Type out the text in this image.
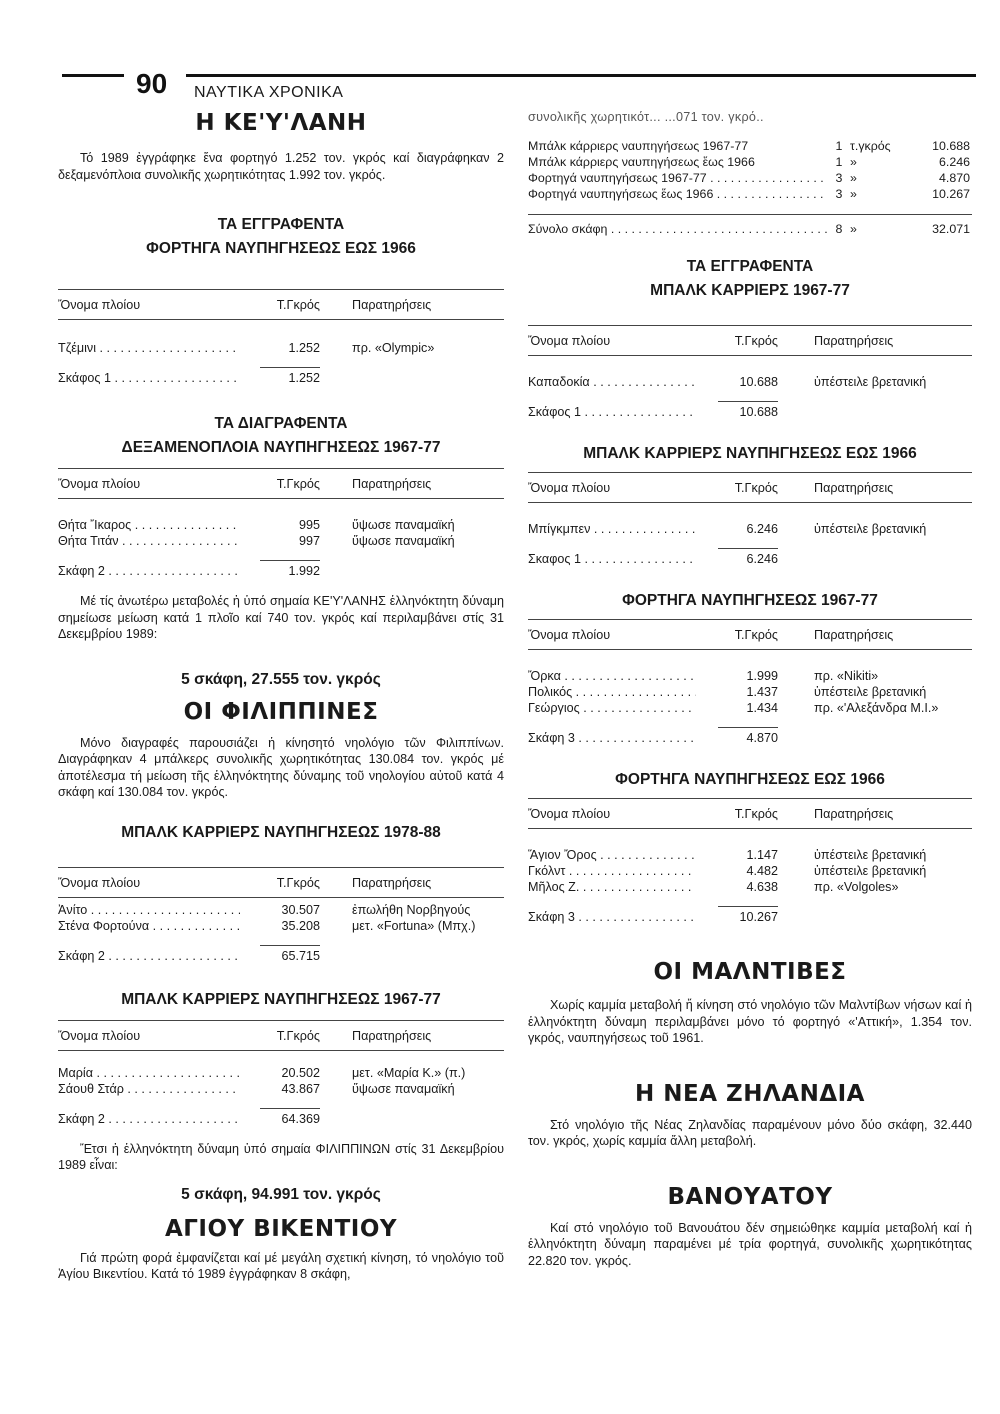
90 ΝΑΥΤΙΚΑ ΧΡΟΝΙΚΑ
Η ΚΕ'Υ'ΛΑΝΗ

Τό 1989 ἐγγράφηκε ἕνα φορτηγό 1.252 τον. γκρός καί διαγράφηκαν 2 δεξαμενόπλοια συνολικῆς χωρητικότητας 1.992 τον. γκρός.

ΤΑ ΕΓΓΡΑΦΕΝΤΑ
ΦΟΡΤΗΓΑ ΝΑΥΠΗΓΗΣΕΩΣ ΕΩΣ 1966
Ὄνομα πλοίου	Τ.Γκρός	Παρατηρήσεις
Τζέμινι . . .	1.252	πρ. «Olympic»
Σκάφος 1 . . .	1.252
ΤΑ ΔΙΑΓΡΑΦΕΝΤΑ
ΔΕΞΑΜΕΝΟΠΛΟΙΑ ΝΑΥΠΗΓΗΣΕΩΣ 1967-77
Ὄνομα πλοίου	Τ.Γκρός	Παρατηρήσεις
Θήτα Ἴκαρος . . .	995	ὕψωσε παναμαϊκή
Θήτα Τιτάν . . .	997	ὕψωσε παναμαϊκή
Σκάφη 2 . . .	1.992

Μέ τίς ἀνωτέρω μεταβολές ἡ ὑπό σημαία ΚΕ'Υ'ΛΑΝΗΣ ἑλληνόκτητη δύναμη σημείωσε μείωση κατά 1 πλοῖο καί 740 τον. γκρός καί περιλαμβάνει στίς 31 Δεκεμβρίου 1989:

5 σκάφη, 27.555 τον. γκρός

ΟΙ ΦΙΛΙΠΠΙΝΕΣ

Μόνο διαγραφές παρουσιάζει ἡ κίνησητό νηολόγιο τῶν Φιλιππίνων. Διαγράφηκαν 4 μπάλκερς συνολικῆς χωρητικότητας 130.084 τον. γκρός μέ ἀποτέλεσμα τή μείωση τῆς ἑλληνόκτητης δύναμης τοῦ νηολογίου αὐτοῦ κατά 4 σκάφη καί 130.084 τον. γκρός.

ΜΠΑΛΚ ΚΑΡΡΙΕΡΣ ΝΑΥΠΗΓΗΣΕΩΣ 1978-88
Ὄνομα πλοίου	Τ.Γκρός	Παρατηρήσεις
Ἀνίτο . . .	30.507	ἐπωλήθη Νορβηγούς
Στένα Φορτούνα . . .	35.208	μετ. «Fortuna» (Μπχ.)
Σκάφη 2 . . .	65.715
ΜΠΑΛΚ ΚΑΡΡΙΕΡΣ ΝΑΥΠΗΓΗΣΕΩΣ 1967-77
Ὄνομα πλοίου	Τ.Γκρός	Παρατηρήσεις
Μαρία . . .	20.502	μετ. «Μαρία Κ.» (π.)
Σάουθ Στάρ . . .	43.867	ὕψωσε παναμαϊκή
Σκάφη 2 . . .	64.369

Ἔτσι ἡ ἑλληνόκτητη δύναμη ὑπό σημαία ΦΙΛΙΠΠΙΝΩΝ στίς 31 Δεκεμβρίου 1989 εἶναι:

5 σκάφη, 94.991 τον. γκρός

ΑΓΙΟΥ ΒΙΚΕΝΤΙΟΥ

Γιά πρώτη φορά ἐμφανίζεται καί μέ μεγάλη σχετική κίνηση, τό νηολόγιο τοῦ Ἁγίου Βικεντίου. Κατά τό 1989 ἐγγράφηκαν 8 σκάφη,

συνολικῆς χωρητικότ... ...071 τον. γκρό..
Μπάλκ κάρριερς ναυπηγήσεως 1967-77	1 τ.γκρός	10.688
Μπάλκ κάρριερς ναυπηγήσεως ἕως 1966	1 »	6.246
Φορτηγά ναυπηγήσεως 1967-77 . . .	3 »	4.870
Φορτηγά ναυπηγήσεως ἕως 1966 . . .	3 »	10.267
Σύνολο σκάφη . . .	8 »	32.071
ΤΑ ΕΓΓΡΑΦΕΝΤΑ
ΜΠΑΛΚ ΚΑΡΡΙΕΡΣ 1967-77
Ὄνομα πλοίου	Τ.Γκρός	Παρατηρήσεις
Καπαδοκία . . .	10.688	ὑπέστειλε βρετανική
Σκάφος 1 . . .	10.688
ΜΠΑΛΚ ΚΑΡΡΙΕΡΣ ΝΑΥΠΗΓΗΣΕΩΣ ΕΩΣ 1966
Ὄνομα πλοίου	Τ.Γκρός	Παρατηρήσεις
Μπίγκμπεν . . .	6.246	ὑπέστειλε βρετανική
Σκαφος 1 . . .	6.246
ΦΟΡΤΗΓΑ ΝΑΥΠΗΓΗΣΕΩΣ 1967-77
Ὄνομα πλοίου	Τ.Γκρός	Παρατηρήσεις
Ὄρκα . . .	1.999	πρ. «Nikiti»
Πολικός . . .	1.437	ὑπέστειλε βρετανική
Γεώργιος . . .	1.434	πρ. «'Αλεξάνδρα Μ.Ι.»
Σκάφη 3 . . .	4.870
ΦΟΡΤΗΓΑ ΝΑΥΠΗΓΗΣΕΩΣ ΕΩΣ 1966
Ὄνομα πλοίου	Τ.Γκρός	Παρατηρήσεις
Ἅγιον Ὄρος . . .	1.147	ὑπέστειλε βρετανική
Γκόλντ . . .	4.482	ὑπέστειλε βρετανική
Μῆλος Ζ. . . .	4.638	πρ. «Volgoles»
Σκάφη 3 . . .	10.267
ΟΙ ΜΑΛΝΤΙΒΕΣ

Χωρίς καμμία μεταβολή ἤ κίνηση στό νηολόγιο τῶν Μαλντίβων νήσων καί ἡ ἑλληνόκτητη δύναμη περιλαμβάνει μόνο τό φορτηγό «'Αττική», 1.354 τον. γκρός, ναυπηγήσεως τοῦ 1961.

Η ΝΕΑ ΖΗΛΑΝΔΙΑ

Στό νηολόγιο τῆς Νέας Ζηλανδίας παραμένουν μόνο δύο σκάφη, 32.440 τον. γκρός, χωρίς καμμία ἄλλη μεταβολή.

ΒΑΝΟΥΑΤΟΥ

Καί στό νηολόγιο τοῦ Βανουάτου δέν σημειώθηκε καμμία μεταβολή καί ἡ ἑλληνόκτητη δύναμη παραμένει μέ τρία φορτηγά, συνολικῆς χωρητικότητας 22.820 τον. γκρός.
